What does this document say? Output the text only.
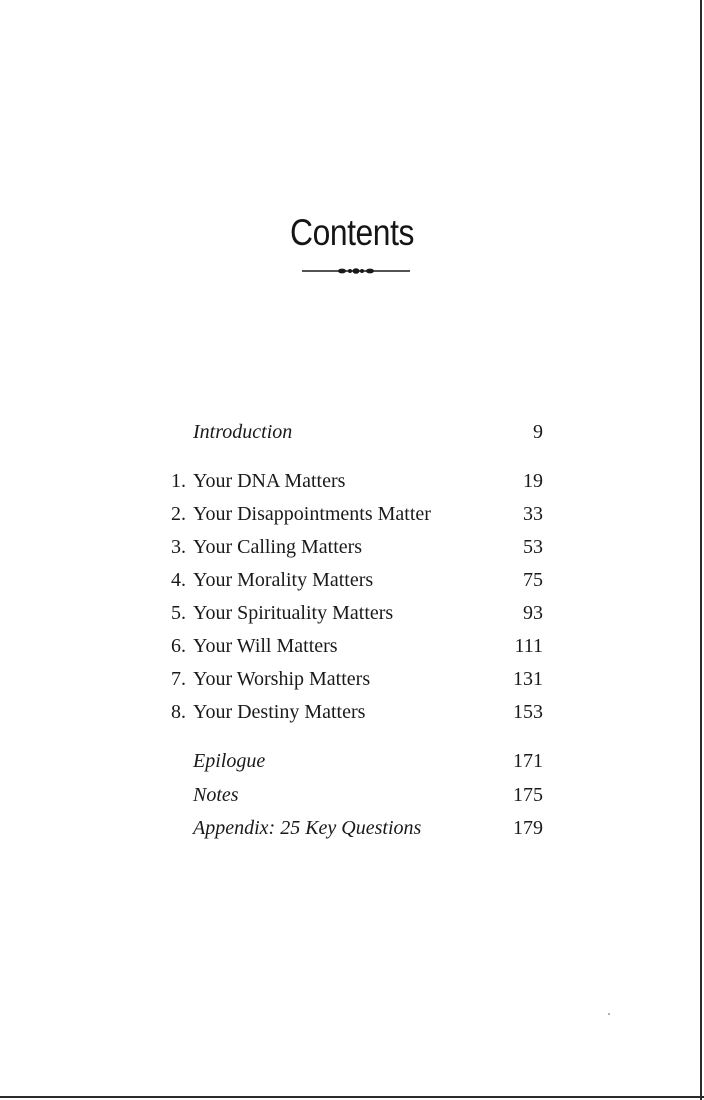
Contents
Introduction	9
1. Your DNA Matters	19
2. Your Disappointments Matter	33
3. Your Calling Matters	53
4. Your Morality Matters	75
5. Your Spirituality Matters	93
6. Your Will Matters	111
7. Your Worship Matters	131
8. Your Destiny Matters	153
Epilogue	171
Notes	175
Appendix: 25 Key Questions	179
